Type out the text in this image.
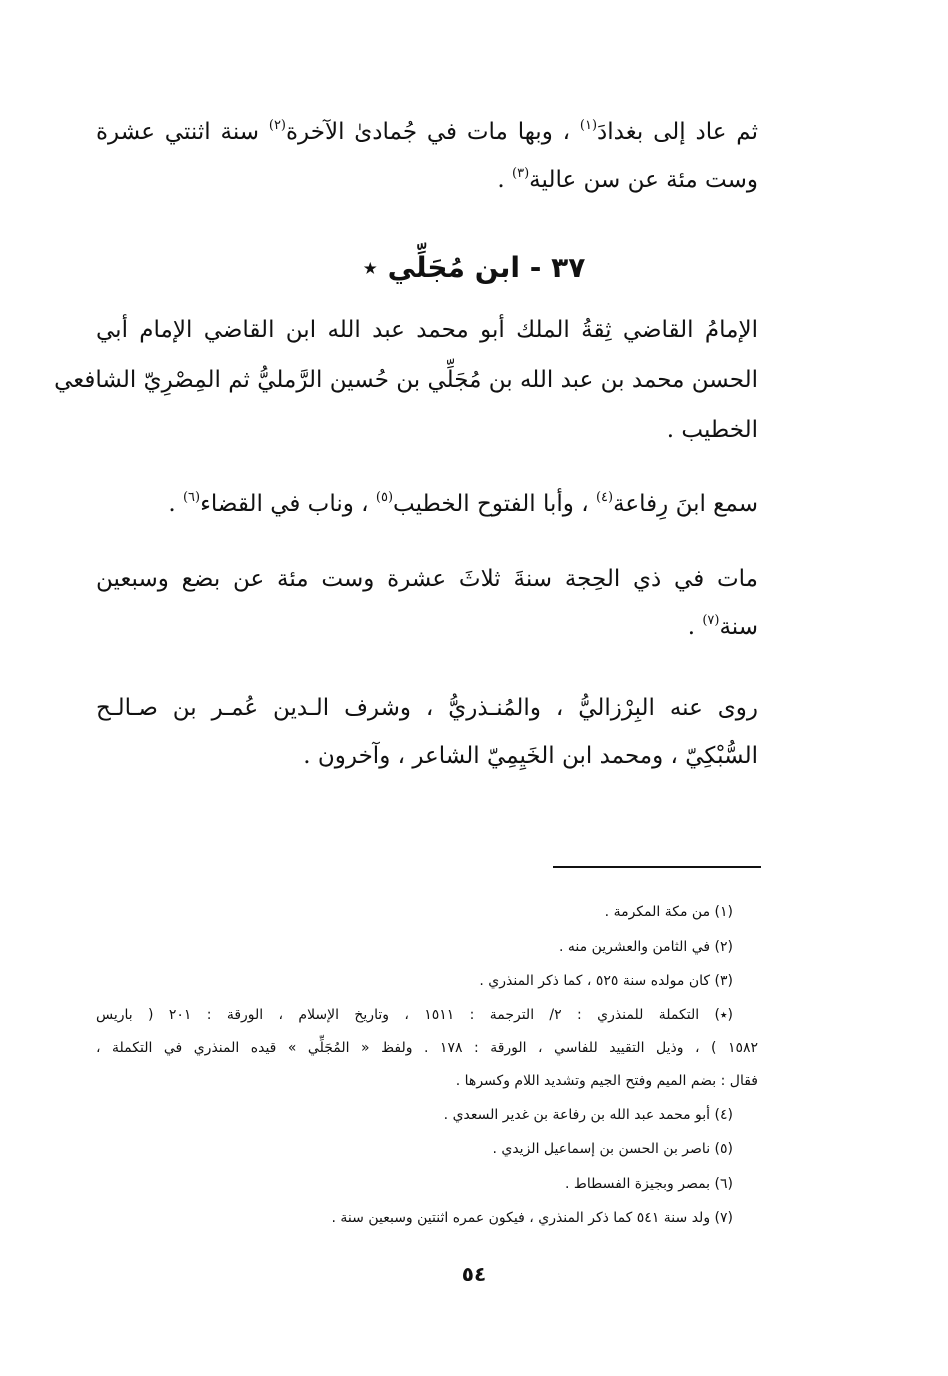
ثم عاد إلى بغدادَ$^{(١)}$ ، وبها مات في جُمادىٰ الآخرة$^{(٢)}$ سنة اثنتي عشرة
وست مئة عن سن عالية$^{(٣)}$ .
٣٧ - ابن مُجَلِّي ٭
الإمامُ القاضي ثِقةُ الملك أبو محمد عبد الله ابن القاضي الإمام أبي
الحسن محمد بن عبد الله بن مُجَلِّي بن حُسين الرَّمليُّ ثم المِصْرِيّ الشافعي
الخطيب .
سمع ابنَ رِفاعة$^{(٤)}$ ، وأبا الفتوح الخطيب$^{(٥)}$ ، وناب في القضاء$^{(٦)}$ .
مات في ذي الحِجة سنةَ ثلاثَ عشرة وست مئة عن بضع وسبعين
سنة$^{(٧)}$ .
روى عنه البِرْزاليُّ ، والمُنـذريُّ ، وشرف الـدين عُمـر بن صـالـح
السُّبْكِيّ ، ومحمد ابن الخَيِمِيّ الشاعر ، وآخرون .
(١) من مكة المكرمة .
(٢) في الثامن والعشرين منه .
(٣) كان مولده سنة ٥٢٥ ، كما ذكر المنذري .
(٭) التكملة للمنذري : ٢/ الترجمة : ١٥١١ ، وتاريخ الإسلام ، الورقة : ٢٠١ ( باريس
١٥٨٢ ) ، وذيل التقييد للفاسي ، الورقة : ١٧٨ . ولفظ « المُجَلِّي » قيده المنذري في التكملة ،
فقال : بضم الميم وفتح الجيم وتشديد اللام وكسرها .
(٤) أبو محمد عبد الله بن رفاعة بن غدير السعدي .
(٥) ناصر بن الحسن بن إسماعيل الزيدي .
(٦) بمصر وبجيزة الفسطاط .
(٧) ولد سنة ٥٤١ كما ذكر المنذري ، فيكون عمره اثنتين وسبعين سنة .
٥٤
